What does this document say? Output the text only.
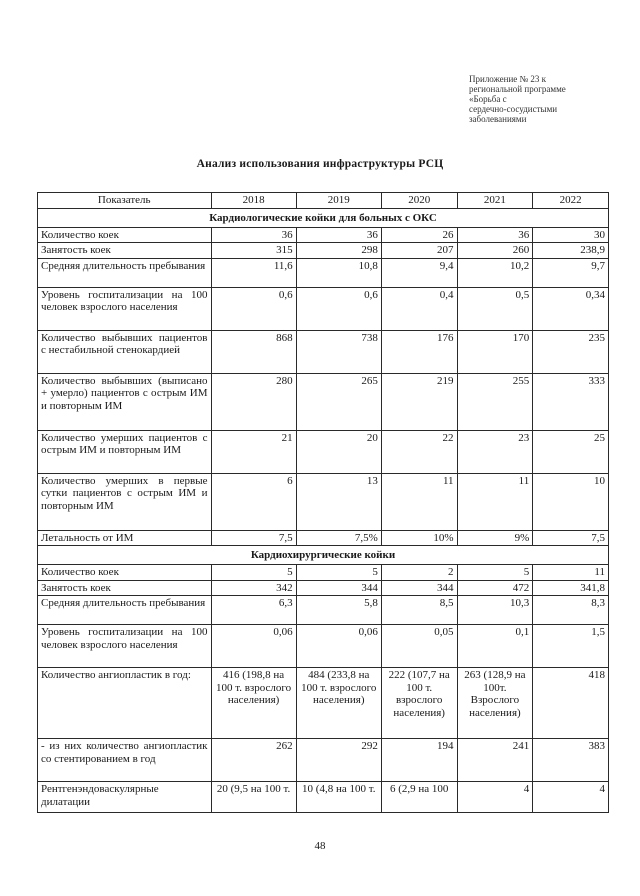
Приложение № 23 к
региональной программе
«Борьба с
сердечно-сосудистыми
заболеваниями
Анализ использования инфраструктуры РСЦ
Показатель	2018	2019	2020	2021	2022
Кардиологические койки для больных с ОКС					
Количество коек	36	36	26	36	30
Занятость коек	315	298	207	260	238,9
Средняя длительность пребывания	11,6	10,8	9,4	10,2	9,7
Уровень госпитализации на 100 человек взрослого населения	0,6	0,6	0,4	0,5	0,34
Количество выбывших пациентов с нестабильной стенокардией	868	738	176	170	235
Количество выбывших (выписано + умерло) пациентов с острым ИМ и повторным ИМ	280	265	219	255	333
Количество умерших пациентов с острым ИМ и повторным ИМ	21	20	22	23	25
Количество умерших в первые сутки пациентов с острым ИМ и повторным ИМ	6	13	11	11	10
Летальность от ИМ	7,5	7,5%	10%	9%	7,5
Кардиохирургические койки					
Количество коек	5	5	2	5	11
Занятость коек	342	344	344	472	341,8
Средняя длительность пребывания	6,3	5,8	8,5	10,3	8,3
Уровень госпитализации на 100 человек взрослого населения	0,06	0,06	0,05	0,1	1,5
Количество ангиопластик в год:	416 (198,8 на 100 т. взрослого населения)	484 (233,8 на 100 т. взрослого населения)	222 (107,7 на 100 т. взрослого населения)	263 (128,9 на 100т. Взрослого населения)	418
- из них количество ангиопластик со стентированием в год	262	292	194	241	383
Рентгенэндоваскулярные дилатации	20 (9,5 на 100 т.	10 (4,8 на 100 т.	6 (2,9 на 100	4	4
48
